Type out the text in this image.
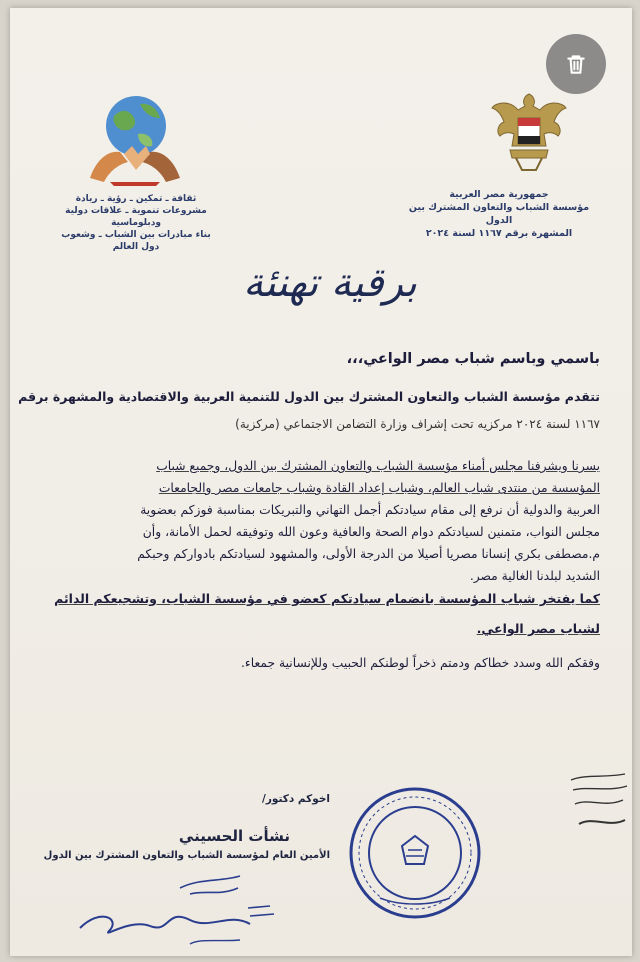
جمهورية مصر العربية
مؤسسة الشباب والتعاون المشترك بين الدول
المشهرة برقم ١١٦٧ لسنة ٢٠٢٤
ثقافة ـ تمكين ـ رؤية ـ ريادة
مشروعات تنموية ـ علاقات دولية ودبلوماسية
بناء مبادرات بين الشباب ـ وشعوب دول العالم
برقية تهنئة

باسمي وباسم شباب مصر الواعي،،،

تتقدم مؤسسة الشباب والتعاون المشترك بين الدول للتنمية العربية والاقتصادية والمشهرة برقم

١١٦٧ لسنة ٢٠٢٤ مركزيه تحت إشراف وزارة التضامن الاجتماعي (مركزية)

يسرنا ويشرفنا مجلس أمناء مؤسسة الشباب والتعاون المشترك بين الدول، وجميع شباب

المؤسسة من منتدى شباب العالم، وشباب إعداد القادة وشباب جامعات مصر والجامعات

العربية والدولية أن نرفع إلى مقام سيادتكم أجمل التهاني والتبريكات بمناسبة فوزكم بعضوية

مجلس النواب، متمنين لسيادتكم دوام الصحة والعافية وعون الله وتوفيقه لحمل الأمانة، وأن

م.مصطفى بكري إنسانا مصريا أصيلا من الدرجة الأولى، والمشهود لسيادتكم بادواركم وحبكم

الشديد لبلدنا الغالية مصر.

كما يفتخر شباب المؤسسة بانضمام سيادتكم كعضو في مؤسسة الشباب، وتشجيعكم الدائم

لشباب مصر الواعي.

وفقكم الله وسدد خطاكم ودمتم ذخراً لوطنكم الحبيب وللإنسانية جمعاء.

اخوكم دكتور/
نشأت الحسيني
الأمين العام لمؤسسة الشباب والتعاون المشترك بين الدول
